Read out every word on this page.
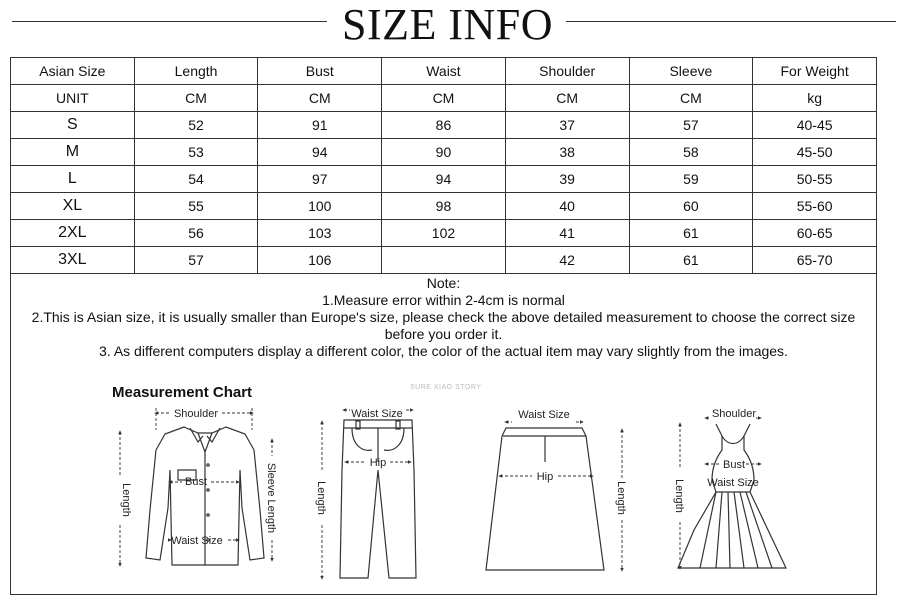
SIZE INFO
Asian Size	Length	Bust	Waist	Shoulder	Sleeve	For Weight
UNIT	CM	CM	CM	CM	CM	kg
S	52	91	86	37	57	40-45
M	53	94	90	38	58	45-50
L	54	97	94	39	59	50-55
XL	55	100	98	40	60	55-60
2XL	56	103	102	41	61	60-65
3XL	57	106		42	61	65-70

Note:

1.Measure error within 2-4cm is normal

2.This is Asian size, it is usually smaller than Europe's size, please check the above detailed measurement to choose the correct size

before you order it.

3. As different computers display a different color, the color of the actual item may vary slightly from the images.

Measurement Chart	SURE XIAO STORY
Shoulder
Bust
Waist Size
Length	Sleeve Length
Waist Size
Hip
Length
Waist Size
Hip
Length
Shoulder
Bust
Waist Size
Length
